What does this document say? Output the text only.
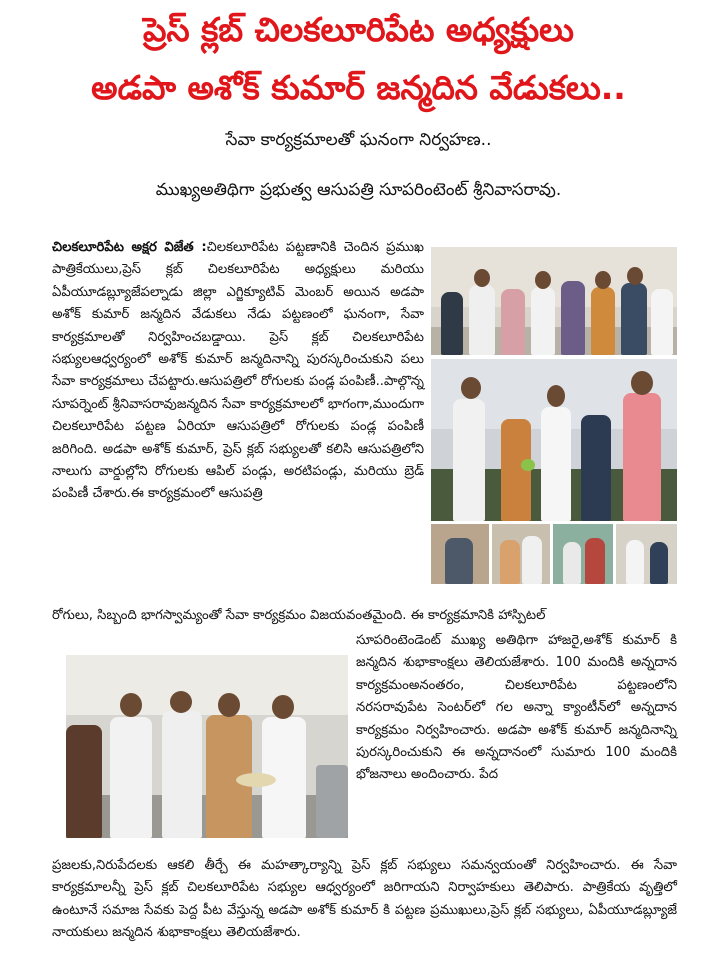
ప్రెస్ క్లబ్ చిలకలూరిపేట అధ్యక్షులు
అడపా అశోక్ కుమార్ జన్మదిన వేడుకలు..

సేవా కార్యక్రమాలతో ఘనంగా నిర్వహణ..

ముఖ్యఅతిథిగా ప్రభుత్వ ఆసుపత్రి సూపరింటెంట్ శ్రీనివాసరావు.

చిలకలూరిపేట అక్షర విజేత :చిలకలూరిపేట పట్టణానికి చెందిన ప్రముఖ పాత్రికేయులు,ప్రెస్ క్లబ్ చిలకలూరిపేట అధ్యక్షులు మరియు ఏపీయూడబ్ల్యూజేపల్నాడు జిల్లా ఎగ్జిక్యూటివ్ మెంబర్ అయిన అడపా అశోక్ కుమార్ జన్మదిన వేడుకలు నేడు పట్టణంలో ఘనంగా, సేవా కార్యక్రమాలతో నిర్వహించబడ్డాయి. ప్రెస్ క్లబ్ చిలకలూరిపేట సభ్యులఆధ్వర్యంలో అశోక్ కుమార్ జన్మదినాన్ని పురస్కరించుకుని పలు సేవా కార్యక్రమాలు చేపట్టారు.ఆసుపత్రిలో రోగులకు పండ్ల పంపిణీ..పాల్గొన్న సూపర్నెంట్ శ్రీనివాసరావుజన్మదిన సేవా కార్యక్రమాలలో భాగంగా,ముందుగా చిలకలూరిపేట పట్టణ ఏరియా ఆసుపత్రిలో రోగులకు పండ్ల పంపిణీ జరిగింది. అడపా అశోక్ కుమార్, ప్రెస్ క్లబ్ సభ్యులతో కలిసి ఆసుపత్రిలోని నాలుగు వార్డుల్లోని రోగులకు ఆపిల్ పండ్లు, అరటిపండ్లు, మరియు బ్రెడ్ పంపిణీ చేశారు.ఈ కార్యక్రమంలో ఆసుపత్రి
రోగులు, సిబ్బంది భాగస్వామ్యంతో సేవా కార్యక్రమం విజయవంతమైంది. ఈ కార్యక్రమానికి హాస్పిటల్
సూపరింటెండెంట్ ముఖ్య అతిథిగా హాజరై,అశోక్ కుమార్ కి జన్మదిన శుభాకాంక్షలు తెలియజేశారు. 100 మందికి అన్నదాన కార్యక్రమంఅనంతరం, చిలకలూరిపేట పట్టణంలోని నరసరావుపేట సెంటర్‌లో గల అన్నా క్యాంటీన్‌లో అన్నదాన కార్యక్రమం నిర్వహించారు. అడపా అశోక్ కుమార్ జన్మదినాన్ని పురస్కరించుకుని ఈ అన్నదానంలో సుమారు 100 మందికి భోజనాలు అందించారు. పేద
ప్రజలకు,నిరుపేదలకు ఆకలి తీర్చే ఈ మహత్కార్యాన్ని ప్రెస్ క్లబ్ సభ్యులు సమన్వయంతో నిర్వహించారు. ఈ సేవా కార్యక్రమాలన్నీ ప్రెస్ క్లబ్ చిలకలూరిపేట సభ్యుల ఆధ్వర్యంలో జరిగాయని నిర్వాహకులు తెలిపారు. పాత్రికేయ వృత్తిలో ఉంటూనే సమాజ సేవకు పెద్ద పీట వేస్తున్న అడపా అశోక్ కుమార్ కి పట్టణ ప్రముఖులు,ప్రెస్ క్లబ్ సభ్యులు, ఏపీయూడబ్ల్యూజే నాయకులు జన్మదిన శుభాకాంక్షలు తెలియజేశారు.
